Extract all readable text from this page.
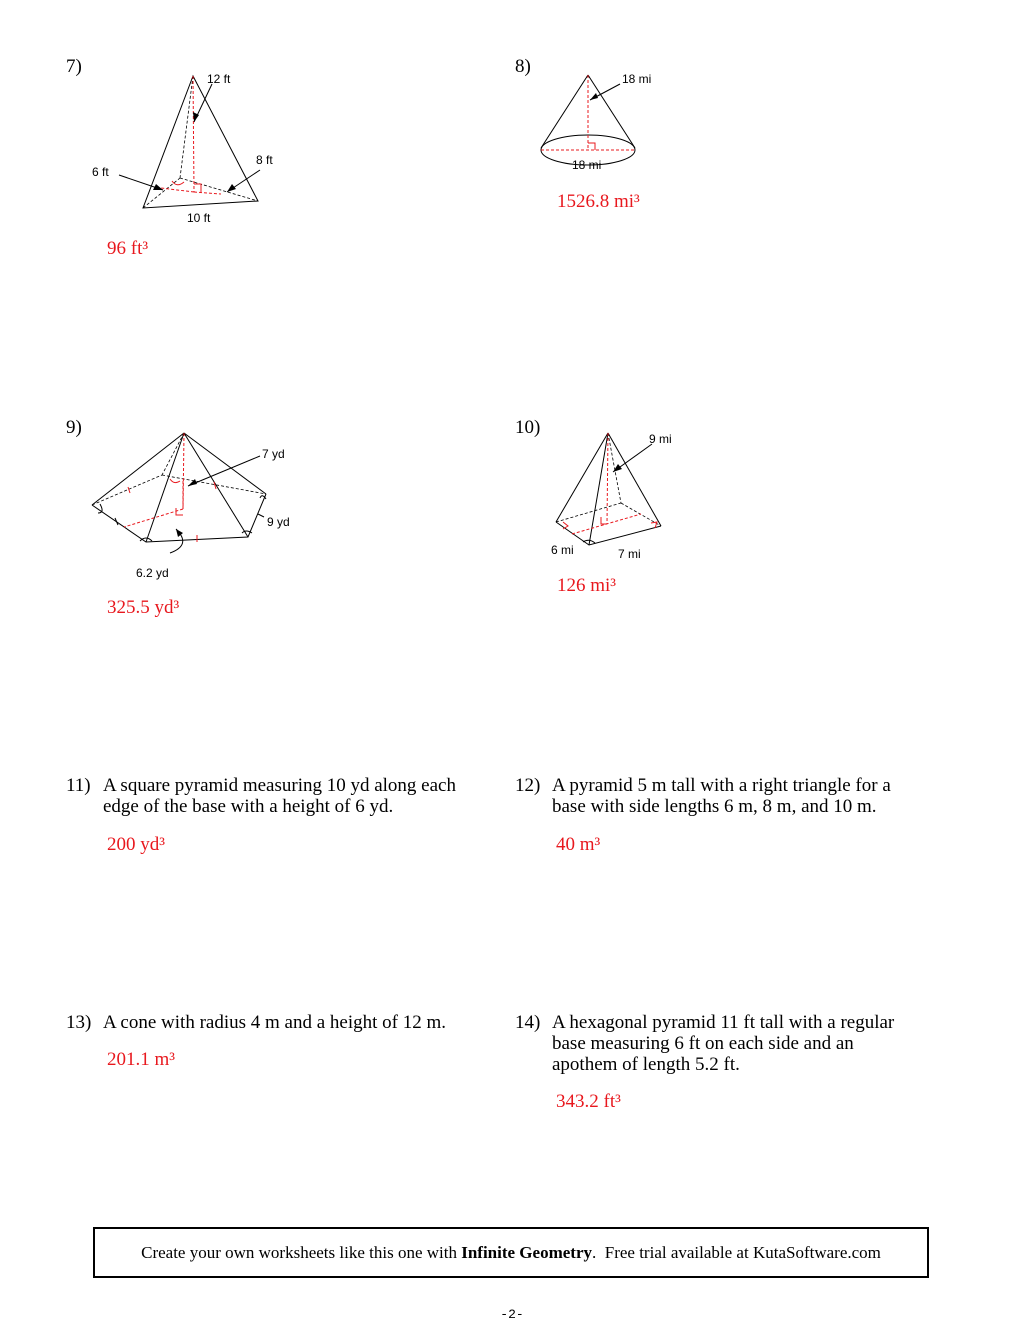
7)
12 ft
8 ft
6 ft
10 ft
96 ft³
8)
18 mi
18 mi
1526.8 mi³
9)
7 yd
9 yd
6.2 yd
325.5 yd³
10)
9 mi
6 mi	7 mi
126 mi³
11) A square pyramid measuring 10 yd along each edge of the base with a height of 6 yd.
200 yd³
12) A pyramid 5 m tall with a right triangle for a base with side lengths 6 m, 8 m, and 10 m.
40 m³
13) A cone with radius 4 m and a height of 12 m.
201.1 m³
14) A hexagonal pyramid 11 ft tall with a regular base measuring 6 ft on each side and an apothem of length 5.2 ft.
343.2 ft³
Create your own worksheets like this one with Infinite Geometry .  Free trial available at KutaSoftware.com
-2-
